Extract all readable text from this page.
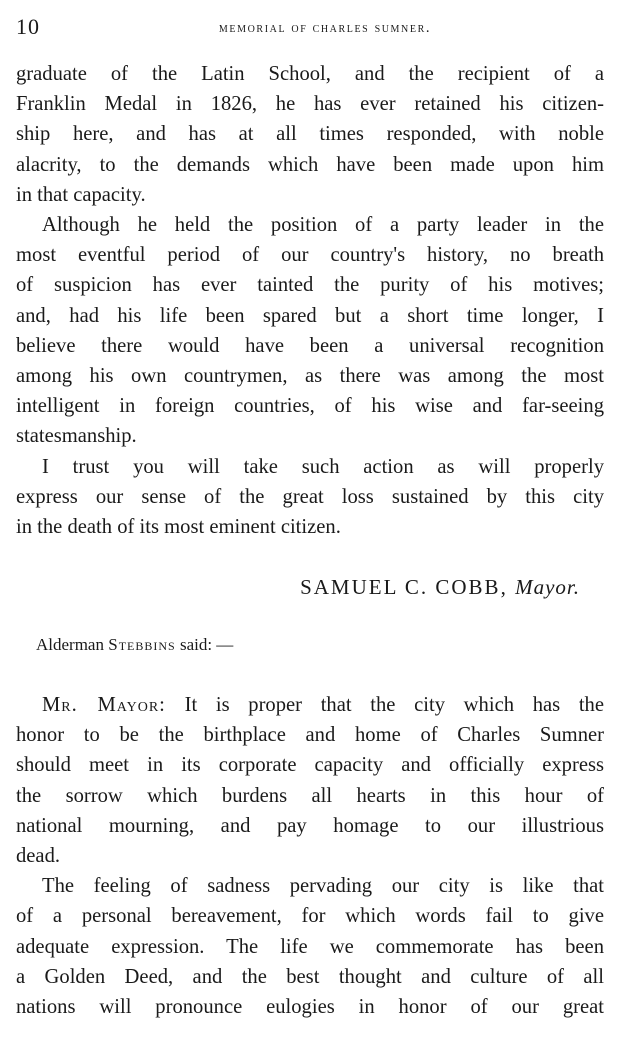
10	memorial of charles sumner.

graduate of the Latin School, and the recipient of a
Franklin Medal in 1826, he has ever retained his citizen-
ship here, and has at all times responded, with noble
alacrity, to the demands which have been made upon him
in that capacity.

Although he held the position of a party leader in the
most eventful period of our country's history, no breath
of suspicion has ever tainted the purity of his motives;
and, had his life been spared but a short time longer, I
believe there would have been a universal recognition
among his own countrymen, as there was among the most
intelligent in foreign countries, of his wise and far-seeing
statesmanship.

I trust you will take such action as will properly
express our sense of the great loss sustained by this city
in the death of its most eminent citizen.

SAMUEL C. COBB, Mayor.
Alderman Stebbins said: —

Mr. Mayor: It is proper that the city which has the
honor to be the birthplace and home of Charles Sumner
should meet in its corporate capacity and officially express
the sorrow which burdens all hearts in this hour of
national mourning, and pay homage to our illustrious
dead.

The feeling of sadness pervading our city is like that
of a personal bereavement, for which words fail to give
adequate expression. The life we commemorate has been
a Golden Deed, and the best thought and culture of all
nations will pronounce eulogies in honor of our great
